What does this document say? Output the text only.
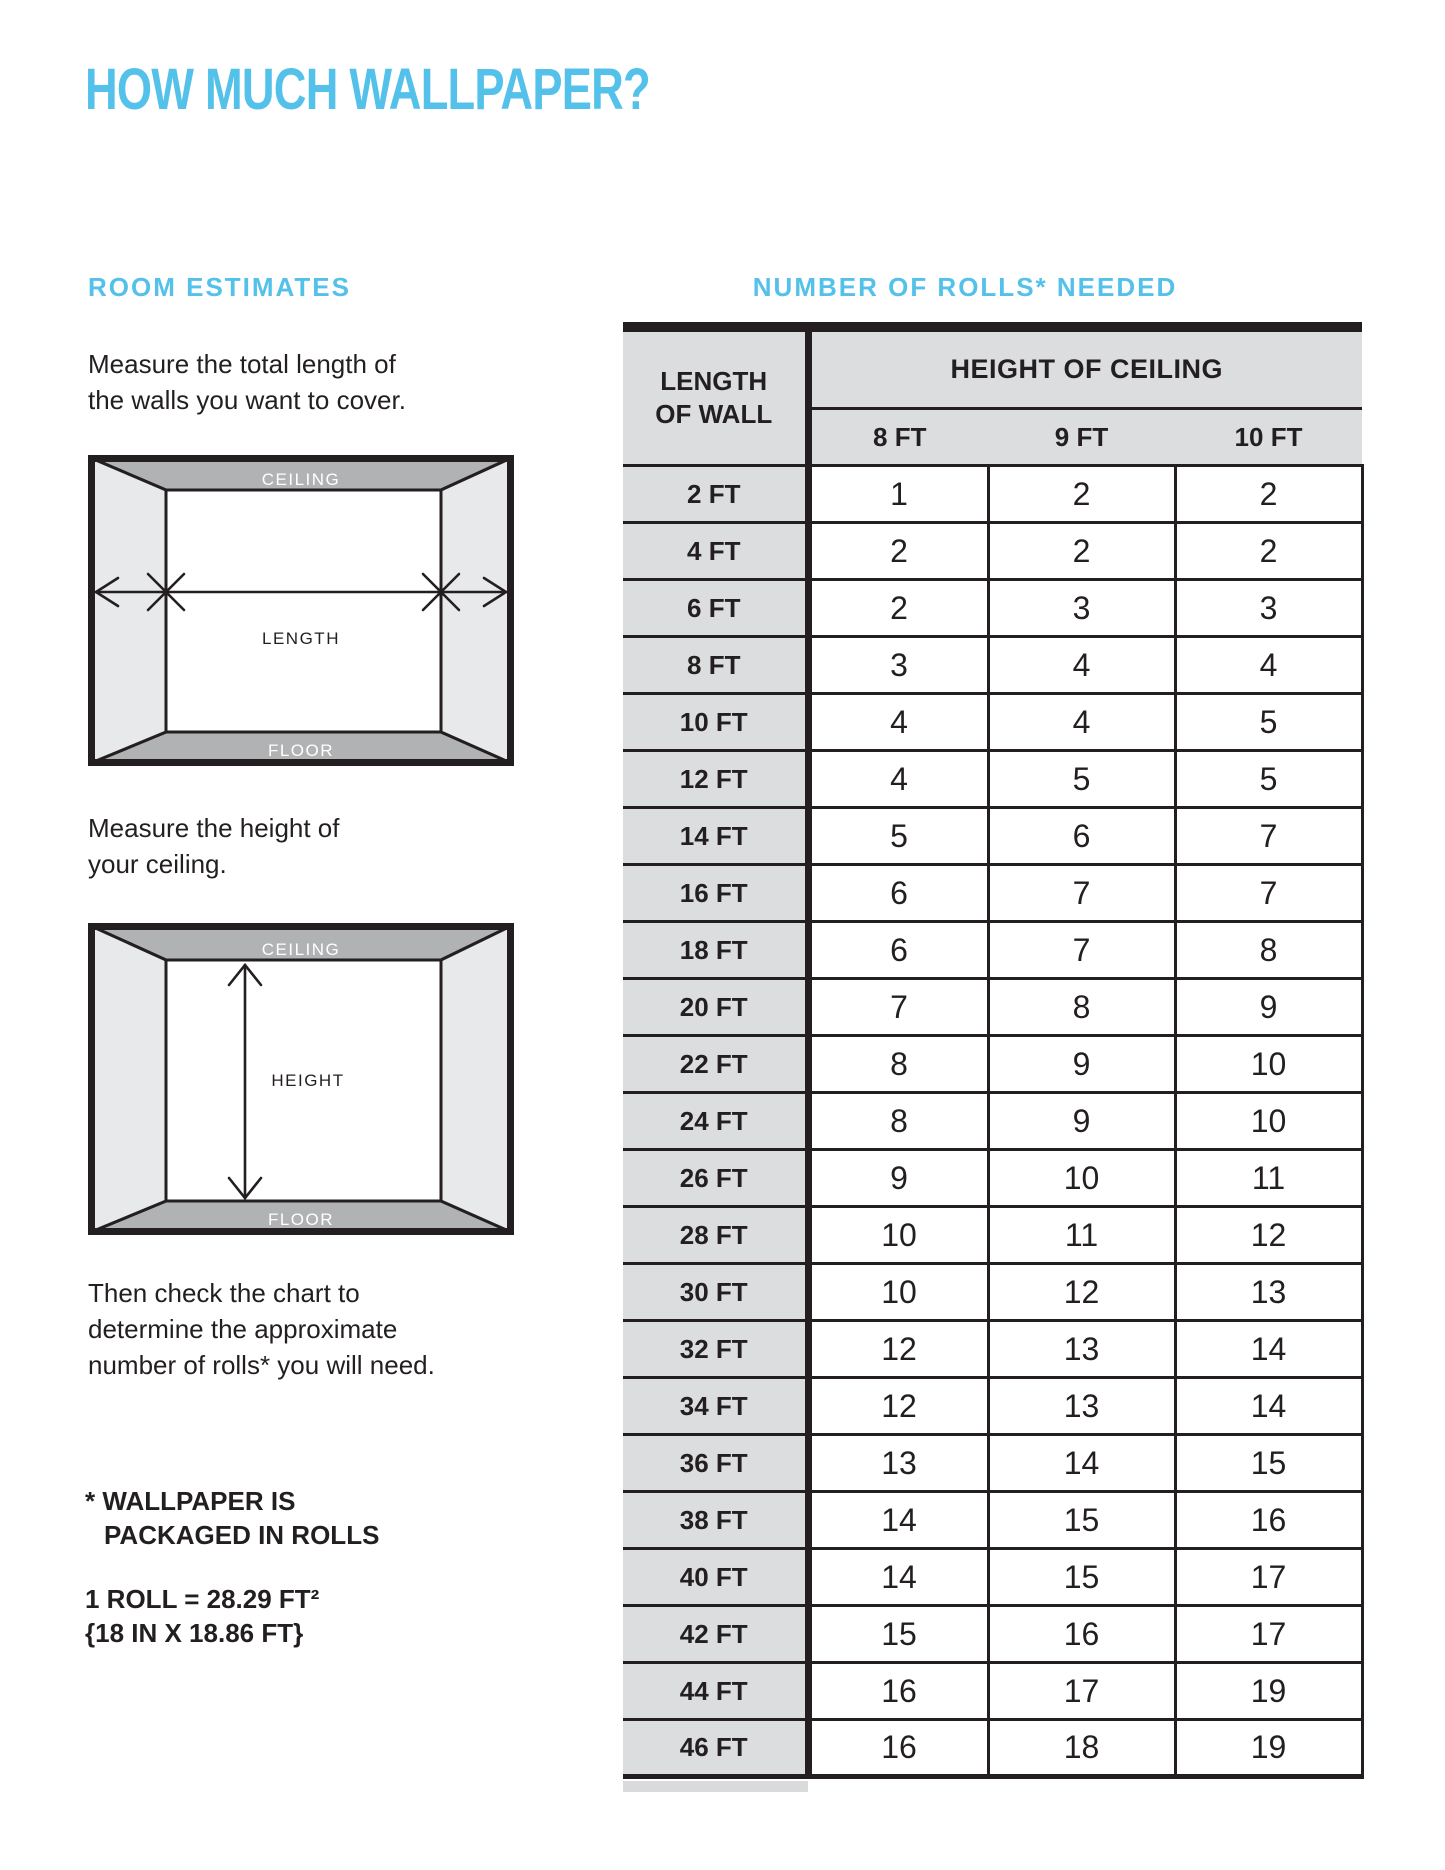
HOW MUCH WALLPAPER?
ROOM ESTIMATES
Measure the total length of
the walls you want to cover.
CEILING
FLOOR
LENGTH
Measure the height of
your ceiling.
CEILING
FLOOR
HEIGHT
Then check the chart to
determine the approximate
number of rolls* you will need.
* WALLPAPER IS
PACKAGED IN ROLLS
1 ROLL = 28.29 FT²
{18 IN X 18.86 FT}
NUMBER OF ROLLS* NEEDED
LENGTH
OF WALL	HEIGHT OF CEILING		
	8 FT	9 FT	10 FT
2 FT	1	2	2
4 FT	2	2	2
6 FT	2	3	3
8 FT	3	4	4
10 FT	4	4	5
12 FT	4	5	5
14 FT	5	6	7
16 FT	6	7	7
18 FT	6	7	8
20 FT	7	8	9
22 FT	8	9	10
24 FT	8	9	10
26 FT	9	10	11
28 FT	10	11	12
30 FT	10	12	13
32 FT	12	13	14
34 FT	12	13	14
36 FT	13	14	15
38 FT	14	15	16
40 FT	14	15	17
42 FT	15	16	17
44 FT	16	17	19
46 FT	16	18	19
